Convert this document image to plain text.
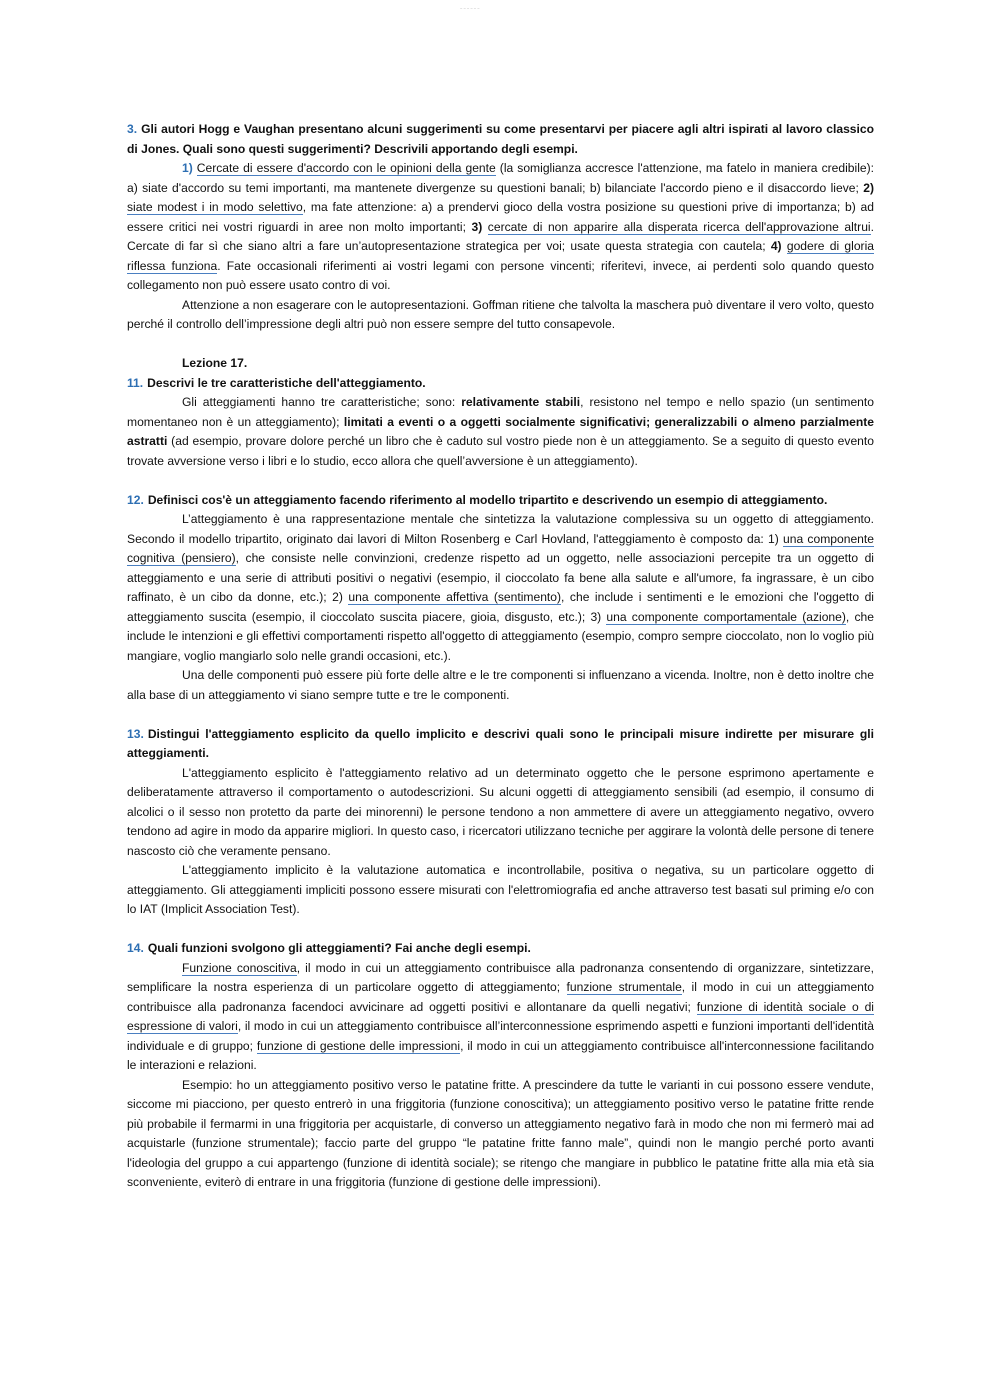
~ ~ ~ ~ ~ ~

3. Gli autori Hogg e Vaughan presentano alcuni suggerimenti su come presentarvi per piacere agli altri ispirati al lavoro classico di Jones. Quali sono questi suggerimenti? Descrivili apportando degli esempi.

1) Cercate di essere d'accordo con le opinioni della gente (la somiglianza accresce l'attenzione, ma fatelo in maniera credibile): a) siate d'accordo su temi importanti, ma mantenete divergenze su questioni banali; b) bilanciate l'accordo pieno e il disaccordo lieve; 2) siate modest i in modo selettivo, ma fate attenzione: a) a prendervi gioco della vostra posizione su questioni prive di importanza; b) ad essere critici nei vostri riguardi in aree non molto importanti; 3) cercate di non apparire alla disperata ricerca dell'approvazione altrui. Cercate di far sì che siano altri a fare un’autopresentazione strategica per voi; usate questa strategia con cautela; 4) godere di gloria riflessa funziona. Fate occasionali riferimenti ai vostri legami con persone vincenti; riferitevi, invece, ai perdenti solo quando questo collegamento non può essere usato contro di voi.

Attenzione a non esagerare con le autopresentazioni. Goffman ritiene che talvolta la maschera può diventare il vero volto, questo perché il controllo dell’impressione degli altri può non essere sempre del tutto consapevole.

Lezione 17.

11. Descrivi le tre caratteristiche dell'atteggiamento.

Gli atteggiamenti hanno tre caratteristiche; sono: relativamente stabili, resistono nel tempo e nello spazio (un sentimento momentaneo non è un atteggiamento); limitati a eventi o a oggetti socialmente significativi; generalizzabili o almeno parzialmente astratti (ad esempio, provare dolore perché un libro che è caduto sul vostro piede non è un atteggiamento. Se a seguito di questo evento trovate avversione verso i libri e lo studio, ecco allora che quell’avversione è un atteggiamento).

12. Definisci cos'è un atteggiamento facendo riferimento al modello tripartito e descrivendo un esempio di atteggiamento.

L’atteggiamento è una rappresentazione mentale che sintetizza la valutazione complessiva su un oggetto di atteggiamento. Secondo il modello tripartito, originato dai lavori di Milton Rosenberg e Carl Hovland, l'atteggiamento è composto da: 1) una componente cognitiva (pensiero), che consiste nelle convinzioni, credenze rispetto ad un oggetto, nelle associazioni percepite tra un oggetto di atteggiamento e una serie di attributi positivi o negativi (esempio, il cioccolato fa bene alla salute e all'umore, fa ingrassare, è un cibo raffinato, è un cibo da donne, etc.); 2) una componente affettiva (sentimento), che include i sentimenti e le emozioni che l'oggetto di atteggiamento suscita (esempio, il cioccolato suscita piacere, gioia, disgusto, etc.); 3) una componente comportamentale (azione), che include le intenzioni e gli effettivi comportamenti rispetto all'oggetto di atteggiamento (esempio, compro sempre cioccolato, non lo voglio più mangiare, voglio mangiarlo solo nelle grandi occasioni, etc.).

Una delle componenti può essere più forte delle altre e le tre componenti si influenzano a vicenda. Inoltre, non è detto inoltre che alla base di un atteggiamento vi siano sempre tutte e tre le componenti.

13. Distingui l'atteggiamento esplicito da quello implicito e descrivi quali sono le principali misure indirette per misurare gli atteggiamenti.

L'atteggiamento esplicito è l'atteggiamento relativo ad un determinato oggetto che le persone esprimono apertamente e deliberatamente attraverso il comportamento o autodescrizioni. Su alcuni oggetti di atteggiamento sensibili (ad esempio, il consumo di alcolici o il sesso non protetto da parte dei minorenni) le persone tendono a non ammettere di avere un atteggiamento negativo, ovvero tendono ad agire in modo da apparire migliori. In questo caso, i ricercatori utilizzano tecniche per aggirare la volontà delle persone di tenere nascosto ciò che veramente pensano.

L'atteggiamento implicito è la valutazione automatica e incontrollabile, positiva o negativa, su un particolare oggetto di atteggiamento. Gli atteggiamenti impliciti possono essere misurati con l'elettromiografia ed anche attraverso test basati sul priming e/o con lo IAT (Implicit Association Test).

14. Quali funzioni svolgono gli atteggiamenti? Fai anche degli esempi.

Funzione conoscitiva, il modo in cui un atteggiamento contribuisce alla padronanza consentendo di organizzare, sintetizzare, semplificare la nostra esperienza di un particolare oggetto di atteggiamento; funzione strumentale, il modo in cui un atteggiamento contribuisce alla padronanza facendoci avvicinare ad oggetti positivi e allontanare da quelli negativi; funzione di identità sociale o di espressione di valori, il modo in cui un atteggiamento contribuisce all’interconnessione esprimendo aspetti e funzioni importanti dell'identità individuale e di gruppo; funzione di gestione delle impressioni, il modo in cui un atteggiamento contribuisce all'interconnessione facilitando le interazioni e relazioni.

Esempio: ho un atteggiamento positivo verso le patatine fritte. A prescindere da tutte le varianti in cui possono essere vendute, siccome mi piacciono, per questo entrerò in una friggitoria (funzione conoscitiva); un atteggiamento positivo verso le patatine fritte rende più probabile il fermarmi in una friggitoria per acquistarle, di converso un atteggiamento negativo farà in modo che non mi fermerò mai ad acquistarle (funzione strumentale); faccio parte del gruppo “le patatine fritte fanno male”, quindi non le mangio perché porto avanti l'ideologia del gruppo a cui appartengo (funzione di identità sociale); se ritengo che mangiare in pubblico le patatine fritte alla mia età sia sconveniente, eviterò di entrare in una friggitoria (funzione di gestione delle impressioni).
